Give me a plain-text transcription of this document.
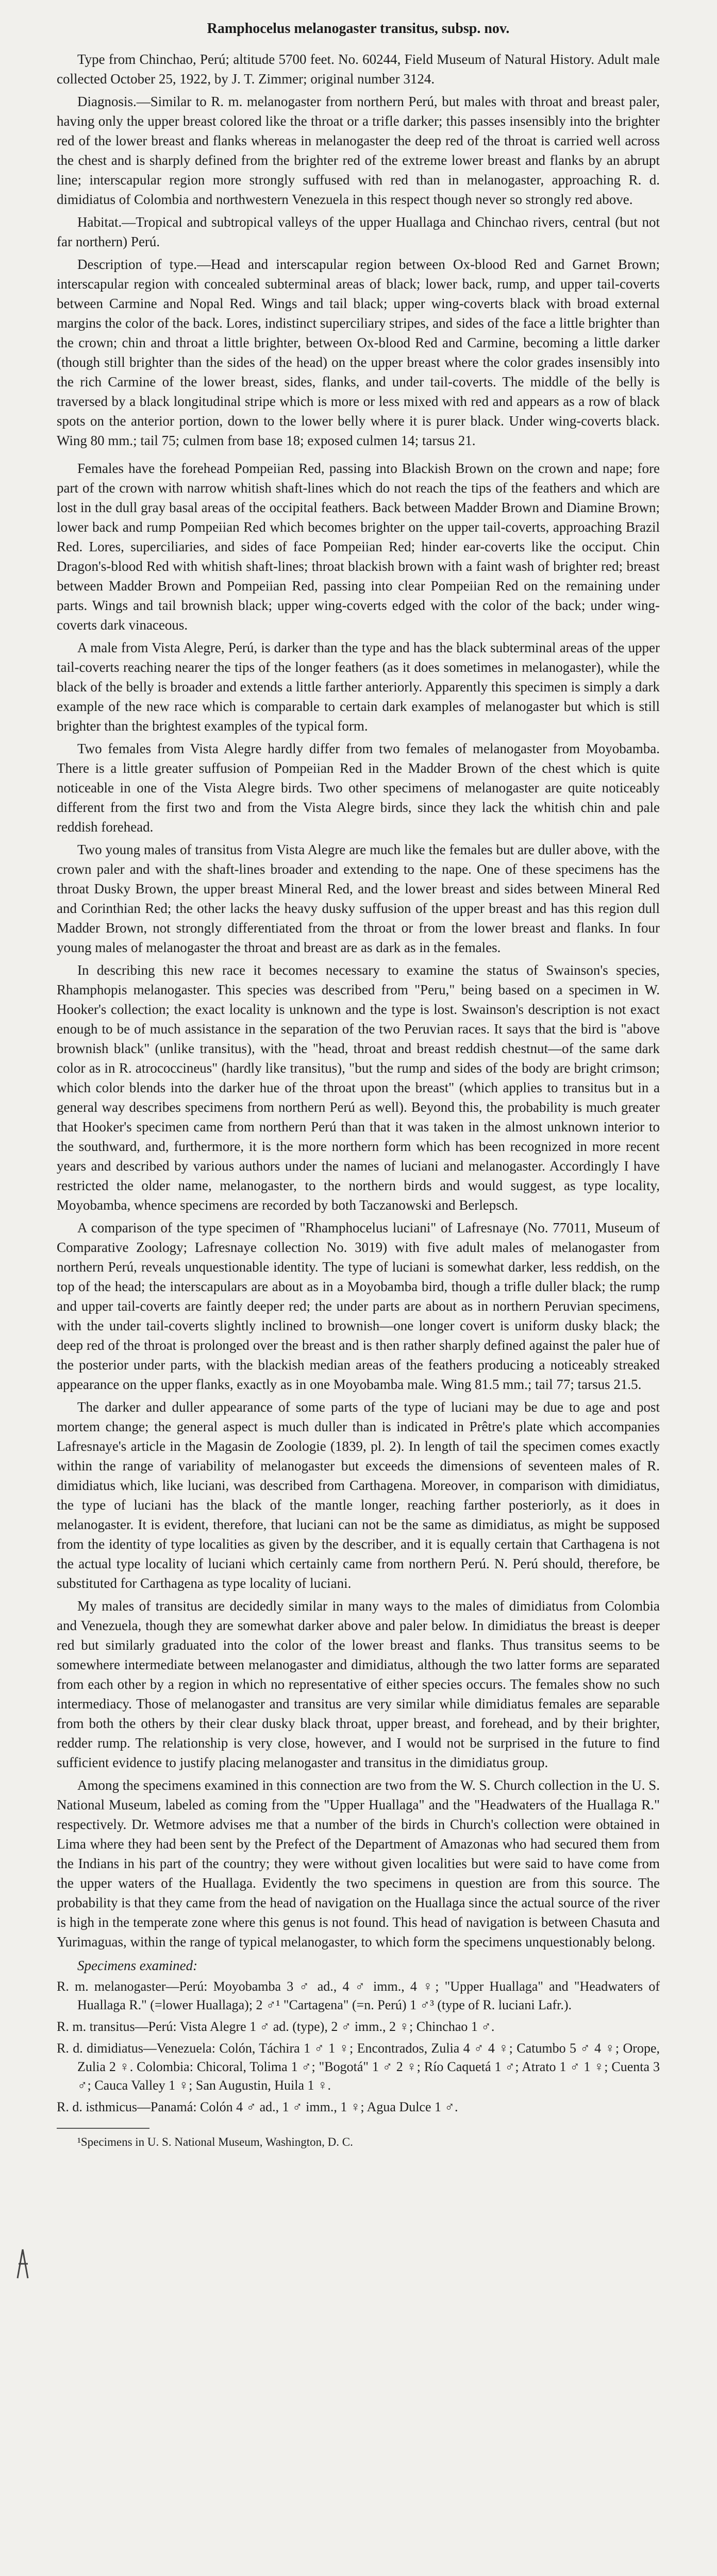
Ramphocelus melanogaster transitus, subsp. nov.

Type from Chinchao, Perú; altitude 5700 feet. No. 60244, Field Museum of Natural History. Adult male collected October 25, 1922, by J. T. Zimmer; original number 3124.

Diagnosis.—Similar to R. m. melanogaster from northern Perú, but males with throat and breast paler, having only the upper breast colored like the throat or a trifle darker; this passes insensibly into the brighter red of the lower breast and flanks whereas in melanogaster the deep red of the throat is carried well across the chest and is sharply defined from the brighter red of the extreme lower breast and flanks by an abrupt line; interscapular region more strongly suffused with red than in melanogaster, approaching R. d. dimidiatus of Colombia and northwestern Venezuela in this respect though never so strongly red above.

Habitat.—Tropical and subtropical valleys of the upper Huallaga and Chinchao rivers, central (but not far northern) Perú.

Description of type.—Head and interscapular region between Ox-blood Red and Garnet Brown; interscapular region with concealed subterminal areas of black; lower back, rump, and upper tail-coverts between Carmine and Nopal Red. Wings and tail black; upper wing-coverts black with broad external margins the color of the back. Lores, indistinct superciliary stripes, and sides of the face a little brighter than the crown; chin and throat a little brighter, between Ox-blood Red and Carmine, becoming a little darker (though still brighter than the sides of the head) on the upper breast where the color grades insensibly into the rich Carmine of the lower breast, sides, flanks, and under tail-coverts. The middle of the belly is traversed by a black longitudinal stripe which is more or less mixed with red and appears as a row of black spots on the anterior portion, down to the lower belly where it is purer black. Under wing-coverts black. Wing 80 mm.; tail 75; culmen from base 18; exposed culmen 14; tarsus 21.

Females have the forehead Pompeiian Red, passing into Blackish Brown on the crown and nape; fore part of the crown with narrow whitish shaft-lines which do not reach the tips of the feathers and which are lost in the dull gray basal areas of the occipital feathers. Back between Madder Brown and Diamine Brown; lower back and rump Pompeiian Red which becomes brighter on the upper tail-coverts, approaching Brazil Red. Lores, superciliaries, and sides of face Pompeiian Red; hinder ear-coverts like the occiput. Chin Dragon's-blood Red with whitish shaft-lines; throat blackish brown with a faint wash of brighter red; breast between Madder Brown and Pompeiian Red, passing into clear Pompeiian Red on the remaining under parts. Wings and tail brownish black; upper wing-coverts edged with the color of the back; under wing-coverts dark vinaceous.

A male from Vista Alegre, Perú, is darker than the type and has the black subterminal areas of the upper tail-coverts reaching nearer the tips of the longer feathers (as it does sometimes in melanogaster), while the black of the belly is broader and extends a little farther anteriorly. Apparently this specimen is simply a dark example of the new race which is comparable to certain dark examples of melanogaster but which is still brighter than the brightest examples of the typical form.

Two females from Vista Alegre hardly differ from two females of melanogaster from Moyobamba. There is a little greater suffusion of Pompeiian Red in the Madder Brown of the chest which is quite noticeable in one of the Vista Alegre birds. Two other specimens of melanogaster are quite noticeably different from the first two and from the Vista Alegre birds, since they lack the whitish chin and pale reddish forehead.

Two young males of transitus from Vista Alegre are much like the females but are duller above, with the crown paler and with the shaft-lines broader and extending to the nape. One of these specimens has the throat Dusky Brown, the upper breast Mineral Red, and the lower breast and sides between Mineral Red and Corinthian Red; the other lacks the heavy dusky suffusion of the upper breast and has this region dull Madder Brown, not strongly differentiated from the throat or from the lower breast and flanks. In four young males of melanogaster the throat and breast are as dark as in the females.

In describing this new race it becomes necessary to examine the status of Swainson's species, Rhamphopis melanogaster. This species was described from "Peru," being based on a specimen in W. Hooker's collection; the exact locality is unknown and the type is lost. Swainson's description is not exact enough to be of much assistance in the separation of the two Peruvian races. It says that the bird is "above brownish black" (unlike transitus), with the "head, throat and breast reddish chestnut—of the same dark color as in R. atrococcineus" (hardly like transitus), "but the rump and sides of the body are bright crimson; which color blends into the darker hue of the throat upon the breast" (which applies to transitus but in a general way describes specimens from northern Perú as well). Beyond this, the probability is much greater that Hooker's specimen came from northern Perú than that it was taken in the almost unknown interior to the southward, and, furthermore, it is the more northern form which has been recognized in more recent years and described by various authors under the names of luciani and melanogaster. Accordingly I have restricted the older name, melanogaster, to the northern birds and would suggest, as type locality, Moyobamba, whence specimens are recorded by both Taczanowski and Berlepsch.

A comparison of the type specimen of "Rhamphocelus luciani" of Lafresnaye (No. 77011, Museum of Comparative Zoology; Lafresnaye collection No. 3019) with five adult males of melanogaster from northern Perú, reveals unquestionable identity. The type of luciani is somewhat darker, less reddish, on the top of the head; the interscapulars are about as in a Moyobamba bird, though a trifle duller black; the rump and upper tail-coverts are faintly deeper red; the under parts are about as in northern Peruvian specimens, with the under tail-coverts slightly inclined to brownish—one longer covert is uniform dusky black; the deep red of the throat is prolonged over the breast and is then rather sharply defined against the paler hue of the posterior under parts, with the blackish median areas of the feathers producing a noticeably streaked appearance on the upper flanks, exactly as in one Moyobamba male. Wing 81.5 mm.; tail 77; tarsus 21.5.

The darker and duller appearance of some parts of the type of luciani may be due to age and post mortem change; the general aspect is much duller than is indicated in Prêtre's plate which accompanies Lafresnaye's article in the Magasin de Zoologie (1839, pl. 2). In length of tail the specimen comes exactly within the range of variability of melanogaster but exceeds the dimensions of seventeen males of R. dimidiatus which, like luciani, was described from Carthagena. Moreover, in comparison with dimidiatus, the type of luciani has the black of the mantle longer, reaching farther posteriorly, as it does in melanogaster. It is evident, therefore, that luciani can not be the same as dimidiatus, as might be supposed from the identity of type localities as given by the describer, and it is equally certain that Carthagena is not the actual type locality of luciani which certainly came from northern Perú. N. Perú should, therefore, be substituted for Carthagena as type locality of luciani.

My males of transitus are decidedly similar in many ways to the males of dimidiatus from Colombia and Venezuela, though they are somewhat darker above and paler below. In dimidiatus the breast is deeper red but similarly graduated into the color of the lower breast and flanks. Thus transitus seems to be somewhere intermediate between melanogaster and dimidiatus, although the two latter forms are separated from each other by a region in which no representative of either species occurs. The females show no such intermediacy. Those of melanogaster and transitus are very similar while dimidiatus females are separable from both the others by their clear dusky black throat, upper breast, and forehead, and by their brighter, redder rump. The relationship is very close, however, and I would not be surprised in the future to find sufficient evidence to justify placing melanogaster and transitus in the dimidiatus group.

Among the specimens examined in this connection are two from the W. S. Church collection in the U. S. National Museum, labeled as coming from the "Upper Huallaga" and the "Headwaters of the Huallaga R." respectively. Dr. Wetmore advises me that a number of the birds in Church's collection were obtained in Lima where they had been sent by the Prefect of the Department of Amazonas who had secured them from the Indians in his part of the country; they were without given localities but were said to have come from the upper waters of the Huallaga. Evidently the two specimens in question are from this source. The probability is that they came from the head of navigation on the Huallaga since the actual source of the river is high in the temperate zone where this genus is not found. This head of navigation is between Chasuta and Yurimaguas, within the range of typical melanogaster, to which form the specimens unquestionably belong.

Specimens examined:

R. m. melanogaster—Perú: Moyobamba 3 ♂ ad., 4 ♂ imm., 4 ♀; "Upper Huallaga" and "Headwaters of Huallaga R." (=lower Huallaga); 2 ♂¹ "Cartagena" (=n. Perú) 1 ♂³ (type of R. luciani Lafr.).

R. m. transitus—Perú: Vista Alegre 1 ♂ ad. (type), 2 ♂ imm., 2 ♀; Chinchao 1 ♂.

R. d. dimidiatus—Venezuela: Colón, Táchira 1 ♂ 1 ♀; Encontrados, Zulia 4 ♂ 4 ♀; Catumbo 5 ♂ 4 ♀; Orope, Zulia 2 ♀. Colombia: Chicoral, Tolima 1 ♂; "Bogotá" 1 ♂ 2 ♀; Río Caquetá 1 ♂; Atrato 1 ♂ 1 ♀; Cuenta 3 ♂; Cauca Valley 1 ♀; San Augustin, Huila 1 ♀.

R. d. isthmicus—Panamá: Colón 4 ♂ ad., 1 ♂ imm., 1 ♀; Agua Dulce 1 ♂.

¹Specimens in U. S. National Museum, Washington, D. C.
